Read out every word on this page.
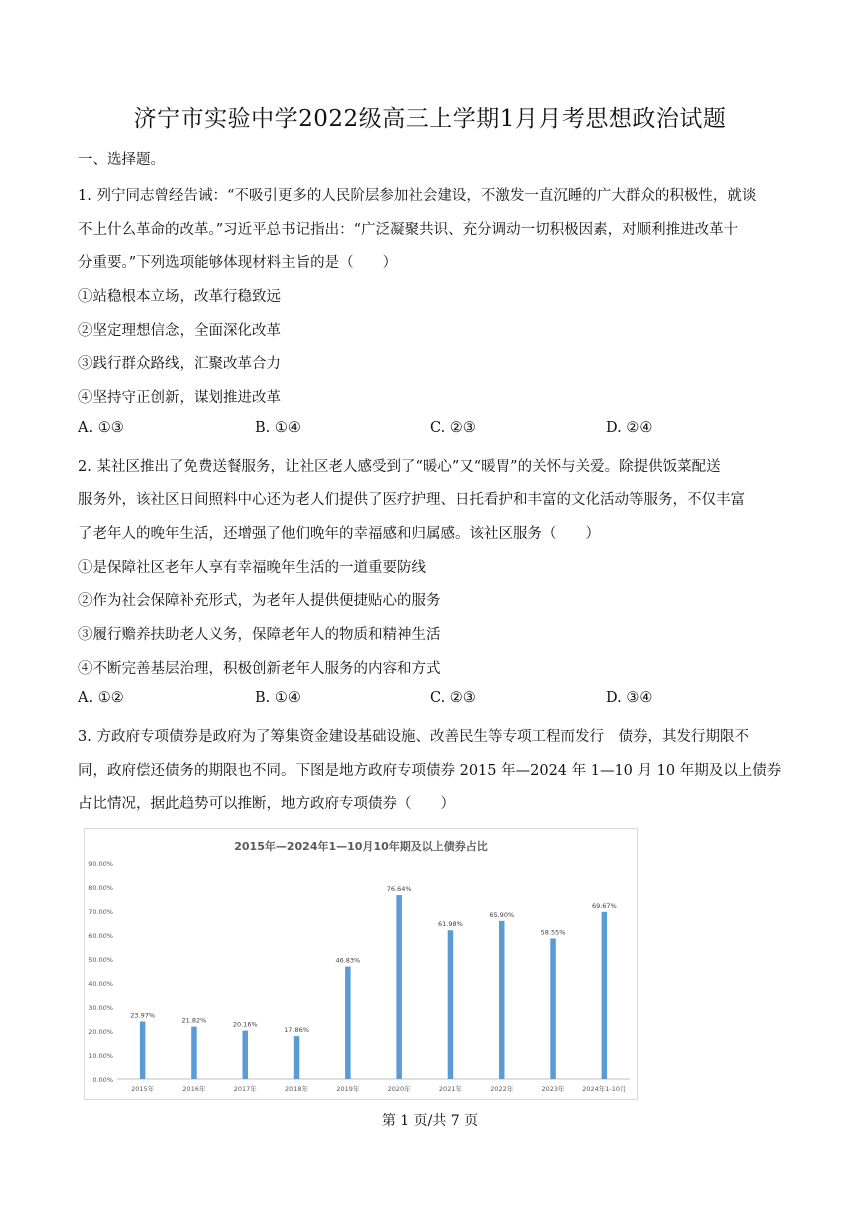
济宁市实验中学2022级高三上学期1月月考思想政治试题
一、选择题。
1. 列宁同志曾经告诫：“不吸引更多的人民阶层参加社会建设，不激发一直沉睡的广大群众的积极性，就谈
不上什么革命的改革。”习近平总书记指出：“广泛凝聚共识、充分调动一切积极因素，对顺利推进改革十
分重要。”下列选项能够体现材料主旨的是（　　）
①站稳根本立场，改革行稳致远
②坚定理想信念，全面深化改革
③践行群众路线，汇聚改革合力
④坚持守正创新，谋划推进改革
A. ①③	B. ①④	C. ②③	D. ②④
2. 某社区推出了免费送餐服务，让社区老人感受到了“暖心”又“暖胃”的关怀与关爱。除提供饭菜配送
服务外，该社区日间照料中心还为老人们提供了医疗护理、日托看护和丰富的文化活动等服务，不仅丰富
了老年人的晚年生活，还增强了他们晚年的幸福感和归属感。该社区服务（　　）
①是保障社区老年人享有幸福晚年生活的一道重要防线
②作为社会保障补充形式，为老年人提供便捷贴心的服务
③履行赡养扶助老人义务，保障老年人的物质和精神生活
④不断完善基层治理，积极创新老年人服务的内容和方式
A. ①②	B. ①④	C. ②③	D. ③④
3. 方政府专项债券是政府为了筹集资金建设基础设施、改善民生等专项工程而发行　债券，其发行期限不
同，政府偿还债务的期限也不同。下图是地方政府专项债券 2015 年—2024 年 1—10 月 10 年期及以上债券
占比情况，据此趋势可以推断，地方政府专项债券（　　）
2015年—2024年1—10月10年期及以上债券占比
0.00%
10.00%
20.00%
30.00%
40.00%
50.00%
60.00%
70.00%
80.00%
90.00%
23.97%
21.82%	20.16%
17.86%
46.83%
76.64%
61.98%
65.90%
58.55%
69.67%
2015年	2016年	2017年	2018年	2019年	2020年	2021年	2022年	2023年	2024年1-10月
第 1 页/共 7 页
